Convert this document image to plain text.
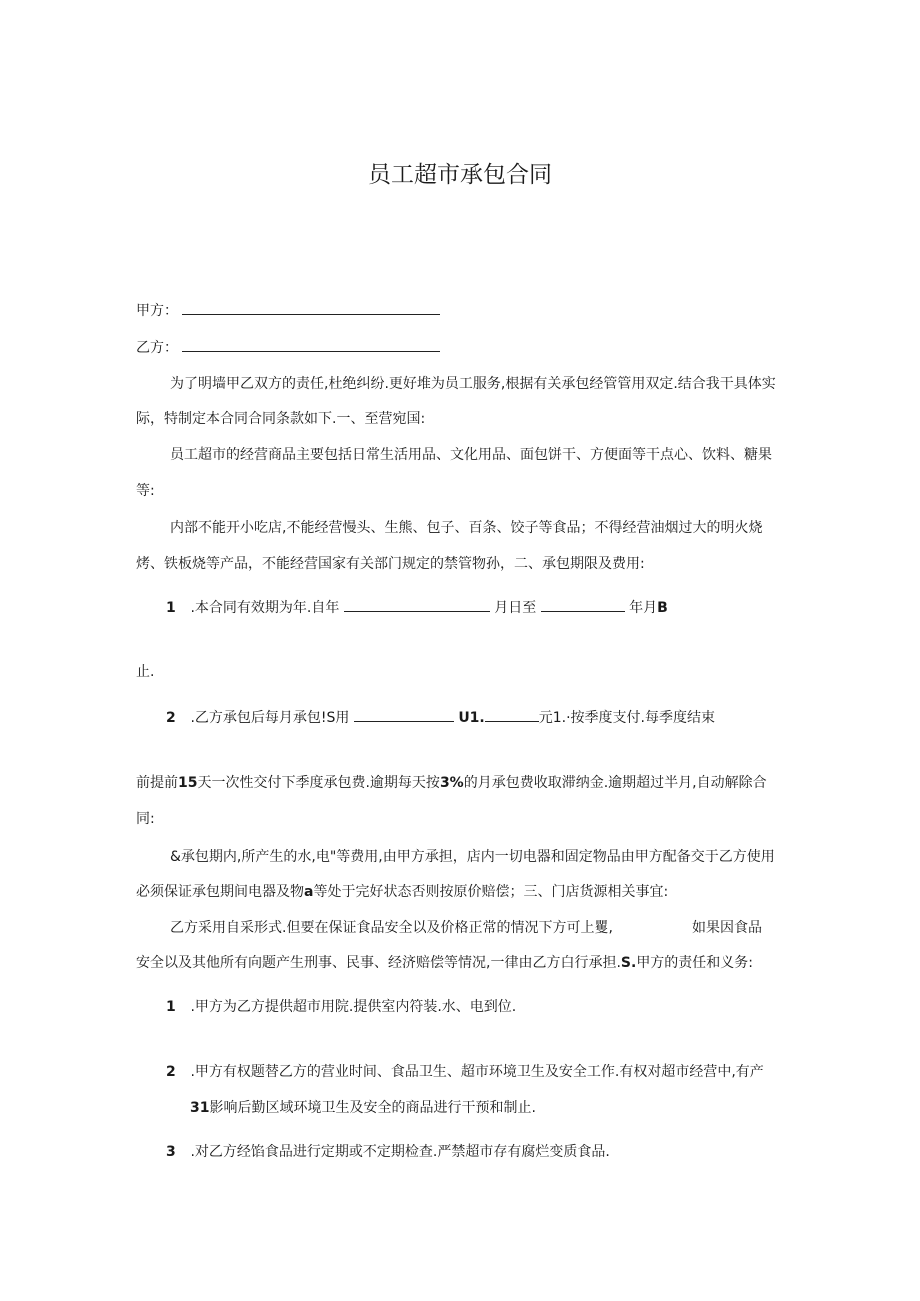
员工超市承包合同
甲方：
乙方：
为了明墙甲乙双方的责任,杜绝纠纷.更好堆为员工服务,根据有关承包经管管用双定.结合我干具体实
际，特制定本合同合同条款如下.一、至营宛国:
员工超市的经营商品主要包括日常生活用品、文化用品、面包饼干、方便面等干点心、饮料、糖果
等:
内部不能开小吃店,不能经营慢头、生熊、包子、百条、饺子等食品；不得经营油烟过大的明火烧
烤、铁板烧等产品，不能经营国家有关部门规定的禁管物孙，二、承包期限及费用:
1 .本合同有效期为年.自年	月日至	年月B
止.
2 .乙方承包后每月承包!S用	U1.	元1.·按季度支付.每季度结束
前提前15天一次性交付下季度承包费.逾期每天按3%的月承包费收取滞纳金.逾期超过半月,自动解除合
同:
&承包期内,所产生的水,电"等费用,由甲方承担，店内一切电器和固定物品由甲方配备交于乙方使用
必须保证承包期间电器及物a等处于完好状态否则按原价赔偿；三、门店货源相关事宜:
乙方采用自采形式.但要在保证食品安全以及价格正常的情况下方可上矍,	如果因食品
安全以及其他所有向题产生刑事、民事、经济赔偿等情况,一律由乙方白行承担.S.甲方的责任和义务:
1 .甲方为乙方提供超市用院.提供室内符装.水、电到位.
2 .甲方有权题替乙方的营业时间、食品卫生、超市环境卫生及安全工作.有权对超市经营中,有产
31影响后勤区域环境卫生及安全的商品进行干预和制止.
3 .对乙方经馅食品进行定期或不定期检查.严禁超市存有腐烂变质食品.
